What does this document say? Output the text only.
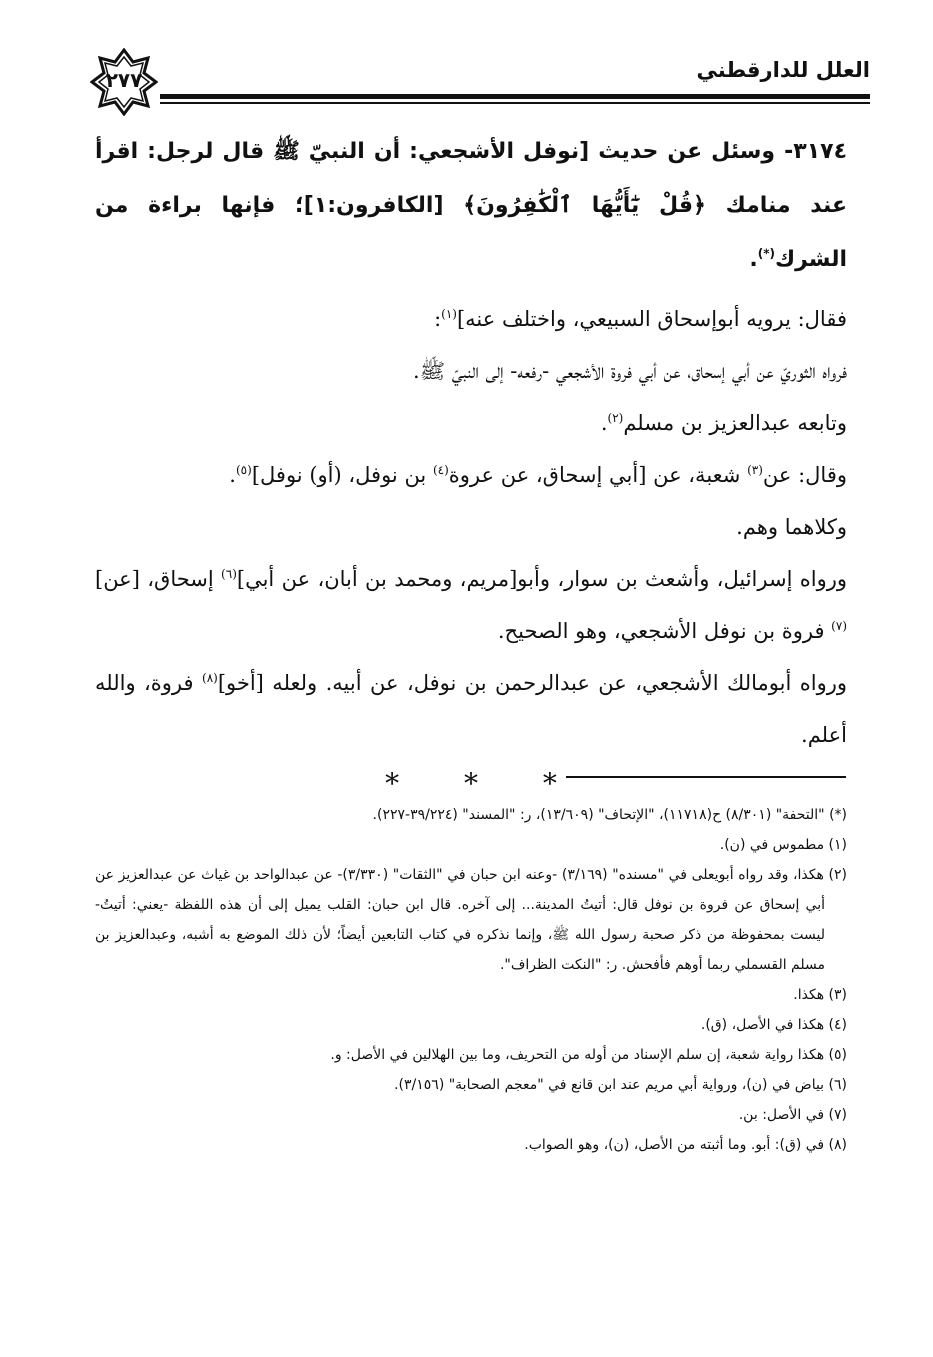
٢٧٧	العلل للدارقطني

٣١٧٤- وسئل عن حديث [نوفل الأشجعي: أن النبيّ ﷺ قال لرجل: اقرأ عند منامك ﴿قُلْ يَٰٓأَيُّهَا ٱلْكَٰفِرُونَ﴾ [الكافرون:١]؛ فإنها براءة من الشرك(*).

فقال: يرويه أبوإسحاق السبيعي، واختلف عنه]$^{(١)}$:

فرواه الثوريّ عن أبي إسحاق، عن أبي فروة الأشجعي -رفعه- إلى النبيّ ﷺ.

وتابعه عبدالعزيز بن مسلم$^{(٢)}$.

وقال: عن$^{(٣)}$ شعبة، عن [أبي إسحاق، عن عروة$^{(٤)}$ بن نوفل، (أو) نوفل]$^{(٥)}$.

وكلاهما وهم.

ورواه إسرائيل، وأشعث بن سوار، وأبو[مريم، ومحمد بن أبان، عن أبي]$^{(٦)}$ إسحاق، [عن]$^{(٧)}$ فروة بن نوفل الأشجعي، وهو الصحيح.

ورواه أبومالك الأشجعي، عن عبدالرحمن بن نوفل، عن أبيه. ولعله [أخو]$^{(٨)}$ فروة، والله أعلم.

* * *

(*) "التحفة" (٨/٣٠١) ح(١١٧١٨)، "الإتحاف" (١٣/٦٠٩)، ر: "المسند" (٣٩/٢٢٤-٢٢٧).

(١) مطموس في (ن).

(٢) هكذا، وقد رواه أبويعلى في "مسنده" (٣/١٦٩) -وعنه ابن حبان في "الثقات" (٣/٣٣٠)- عن عبدالواحد بن غياث عن عبدالعزيز عن أبي إسحاق عن فروة بن نوفل قال: أتيتُ المدينة... إلى آخره. قال ابن حبان: القلب يميل إلى أن هذه اللفظة -يعني: أتيتُ- ليست بمحفوظة من ذكر صحبة رسول الله ﷺ، وإنما نذكره في كتاب التابعين أيضاً؛ لأن ذلك الموضع به أشبه، وعبدالعزيز بن مسلم القسملي ربما أوهم فأفحش. ر: "النكت الظراف".

(٣) هكذا.

(٤) هكذا في الأصل، (ق).

(٥) هكذا رواية شعبة، إن سلم الإسناد من أوله من التحريف، وما بين الهلالين في الأصل: و.

(٦) بياض في (ن)، ورواية أبي مريم عند ابن قانع في "معجم الصحابة" (٣/١٥٦).

(٧) في الأصل: بن.

(٨) في (ق): أبو. وما أثبته من الأصل، (ن)، وهو الصواب.
